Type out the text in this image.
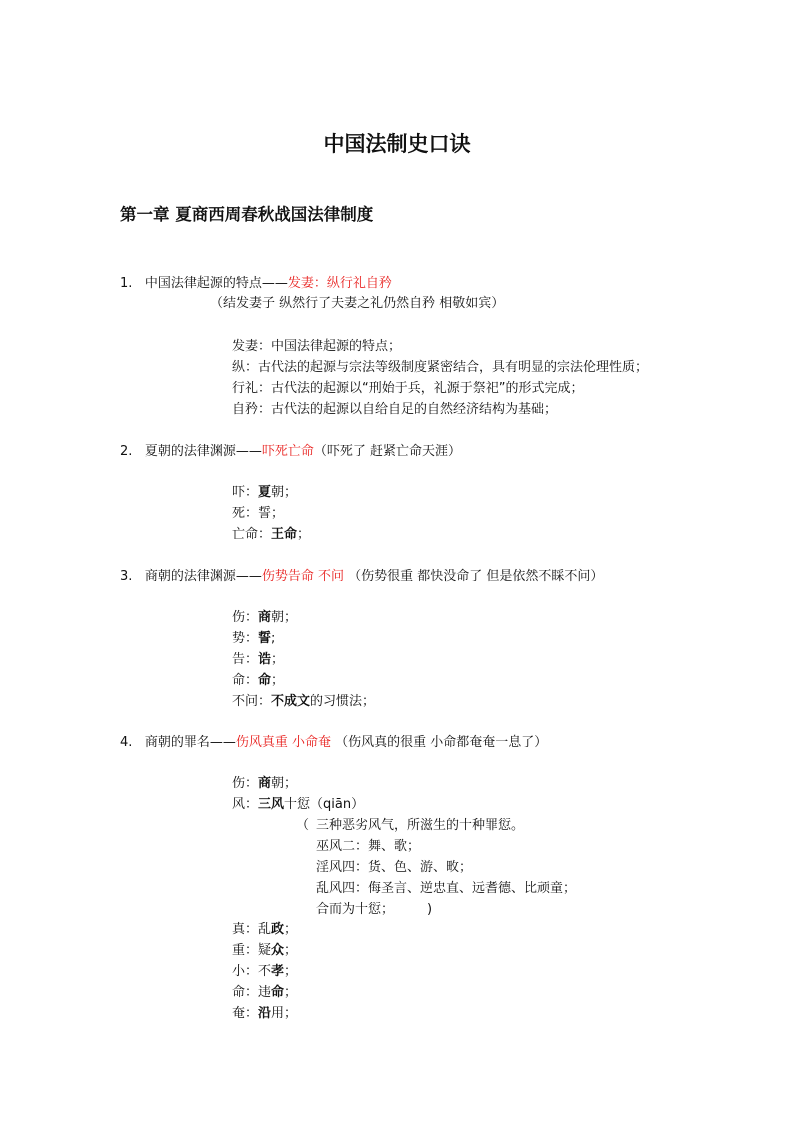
中国法制史口诀
第一章 夏商西周春秋战国法律制度
1. 中国法律起源的特点——发妻：纵行礼自矜
（结发妻子 纵然行了夫妻之礼仍然自矜 相敬如宾）
发妻：中国法律起源的特点；
纵：古代法的起源与宗法等级制度紧密结合，具有明显的宗法伦理性质；
行礼：古代法的起源以“刑始于兵，礼源于祭祀”的形式完成；
自矜：古代法的起源以自给自足的自然经济结构为基础；
2. 夏朝的法律渊源——吓死亡命（吓死了 赶紧亡命天涯）
吓：夏朝；
死：誓；
亡命：王命；
3. 商朝的法律渊源——伤势告命 不问 （伤势很重 都快没命了 但是依然不睬不问）
伤：商朝；
势：誓;
告：诰；
命：命；
不问：不成文的习惯法；
4. 商朝的罪名——伤风真重 小命奄 （伤风真的很重 小命都奄奄一息了）
伤：商朝；
风：三风十愆（qiān）
（ 三种恶劣风气，所滋生的十种罪愆。
巫风二：舞、歌；
淫风四：货、色、游、畋；
乱风四：侮圣言、逆忠直、远耆德、比顽童；
合而为十愆；	)
真：乱政；
重：疑众；
小：不孝；
命：违命；
奄：沿用；
